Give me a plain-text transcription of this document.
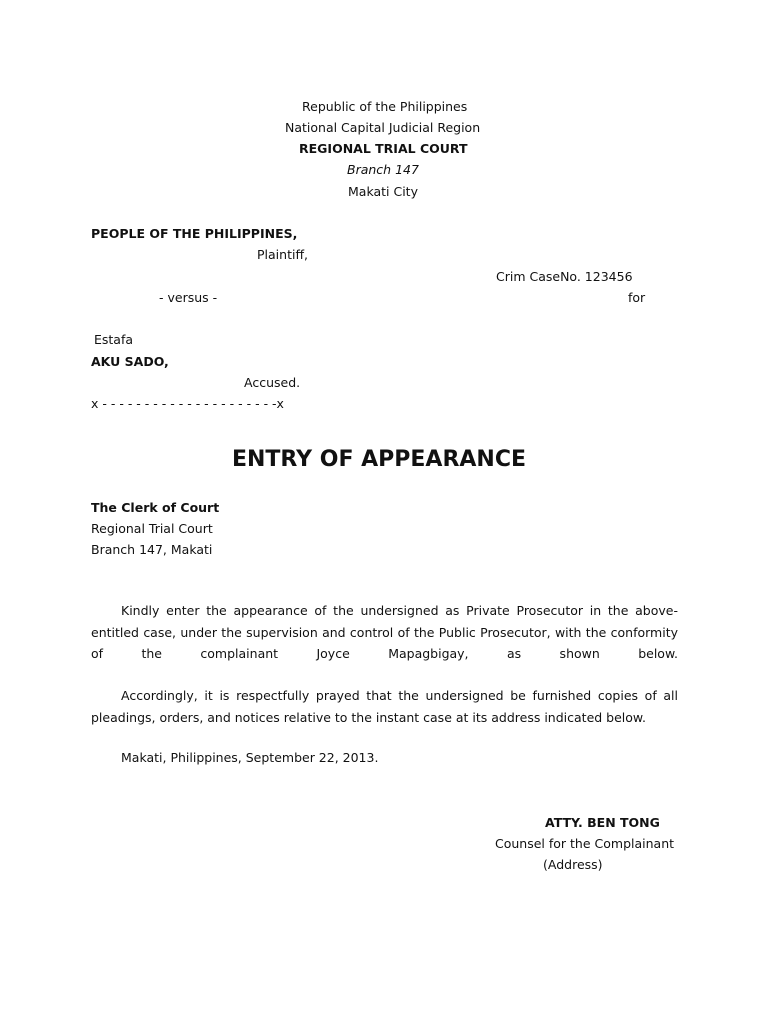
Republic of the Philippines
National Capital Judicial Region
REGIONAL TRIAL COURT
Branch 147
Makati City
PEOPLE OF THE PHILIPPINES,
Plaintiff,
Crim CaseNo. 123456
- versus -	for
Estafa
AKU SADO,
Accused.
x - - - - - - - - - - - - - - - - - - - - -x
ENTRY OF APPEARANCE
The Clerk of Court
Regional Trial Court
Branch 147, Makati
Kindly enter the appearance of the undersigned as Private Prosecutor in the above-entitled case, under the supervision and control of the Public Prosecutor, with the conformity of the complainant Joyce Mapagbigay, as shown below.
Accordingly, it is respectfully prayed that the undersigned be furnished copies of all pleadings, orders, and notices relative to the instant case at its address indicated below.
Makati, Philippines, September 22, 2013.
ATTY. BEN TONG
Counsel for the Complainant
(Address)
